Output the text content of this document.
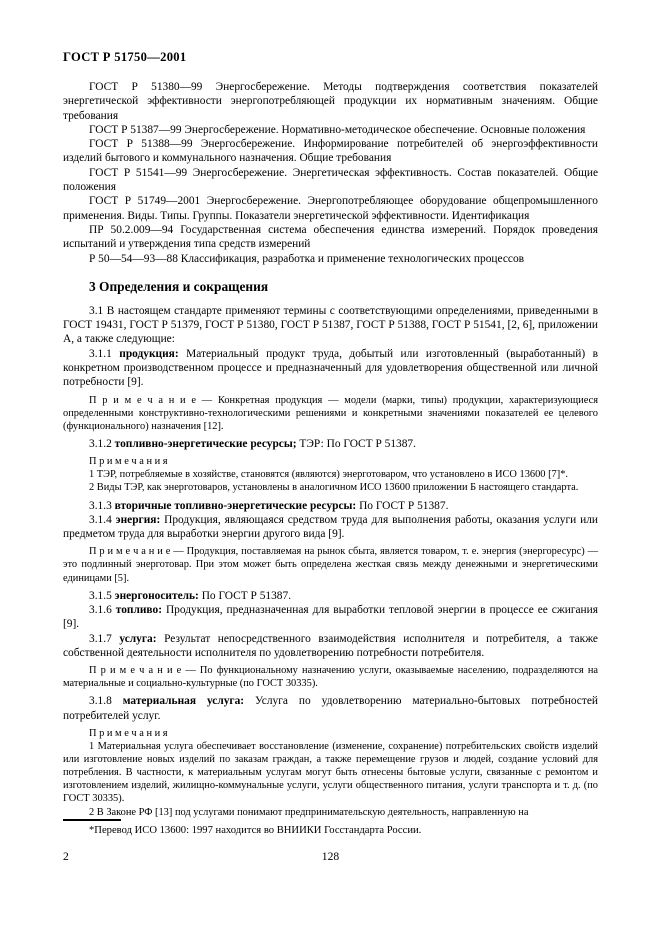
ГОСТ Р 51750—2001

ГОСТ Р 51380—99 Энергосбережение. Методы подтверждения соответствия показателей энергетической эффективности энергопотребляющей продукции их нормативным значениям. Общие требования

ГОСТ Р 51387—99 Энергосбережение. Нормативно-методическое обеспечение. Основные положения

ГОСТ Р 51388—99 Энергосбережение. Информирование потребителей об энергоэффективности изделий бытового и коммунального назначения. Общие требования

ГОСТ Р 51541—99 Энергосбережение. Энергетическая эффективность. Состав показателей. Общие положения

ГОСТ Р 51749—2001 Энергосбережение. Энергопотребляющее оборудование общепромышленного применения. Виды. Типы. Группы. Показатели энергетической эффективности. Идентификация

ПР 50.2.009—94 Государственная система обеспечения единства измерений. Порядок проведения испытаний и утверждения типа средств измерений

Р 50—54—93—88 Классификация, разработка и применение технологических процессов

3 Определения и сокращения

3.1 В настоящем стандарте применяют термины с соответствующими определениями, приведенными в ГОСТ 19431, ГОСТ Р 51379, ГОСТ Р 51380, ГОСТ Р 51387, ГОСТ Р 51388, ГОСТ Р 51541, [2, 6], приложении А, а также следующие:

3.1.1 продукция: Материальный продукт труда, добытый или изготовленный (выработанный) в конкретном производственном процессе и предназначенный для удовлетворения общественной или личной потребности [9].

П р и м е ч а н и е — Конкретная продукция — модели (марки, типы) продукции, характеризующиеся определенными конструктивно-технологическими решениями и конкретными значениями показателей ее целевого (функционального) назначения [12].

3.1.2 топливно-энергетические ресурсы; ТЭР: По ГОСТ Р 51387.

П р и м е ч а н и я

1 ТЭР, потребляемые в хозяйстве, становятся (являются) энерготоваром, что установлено в ИСО 13600 [7]*.

2 Виды ТЭР, как энерготоваров, установлены в аналогичном ИСО 13600 приложении Б настоящего стандарта.

3.1.3 вторичные топливно-энергетические ресурсы: По ГОСТ Р 51387.

3.1.4 энергия: Продукция, являющаяся средством труда для выполнения работы, оказания услуги или предметом труда для выработки энергии другого вида [9].

П р и м е ч а н и е — Продукция, поставляемая на рынок сбыта, является товаром, т. е. энергия (энергоресурс) — это подлинный энерготовар. При этом может быть определена жесткая связь между денежными и энергетическими единицами [5].

3.1.5 энергоноситель: По ГОСТ Р 51387.

3.1.6 топливо: Продукция, предназначенная для выработки тепловой энергии в процессе ее сжигания [9].

3.1.7 услуга: Результат непосредственного взаимодействия исполнителя и потребителя, а также собственной деятельности исполнителя по удовлетворению потребности потребителя.

П р и м е ч а н и е — По функциональному назначению услуги, оказываемые населению, подразделяются на материальные и социально-культурные (по ГОСТ 30335).

3.1.8 материальная услуга: Услуга по удовлетворению материально-бытовых потребностей потребителей услуг.

П р и м е ч а н и я

1 Материальная услуга обеспечивает восстановление (изменение, сохранение) потребительских свойств изделий или изготовление новых изделий по заказам граждан, а также перемещение грузов и людей, создание условий для потребления. В частности, к материальным услугам могут быть отнесены бытовые услуги, связанные с ремонтом и изготовлением изделий, жилищно-коммунальные услуги, услуги общественного питания, услуги транспорта и т. д. (по ГОСТ 30335).

2 В Законе РФ [13] под услугами понимают предпринимательскую деятельность, направленную на

*Перевод ИСО 13600: 1997 находится во ВНИИКИ Госстандарта России.

2	128
